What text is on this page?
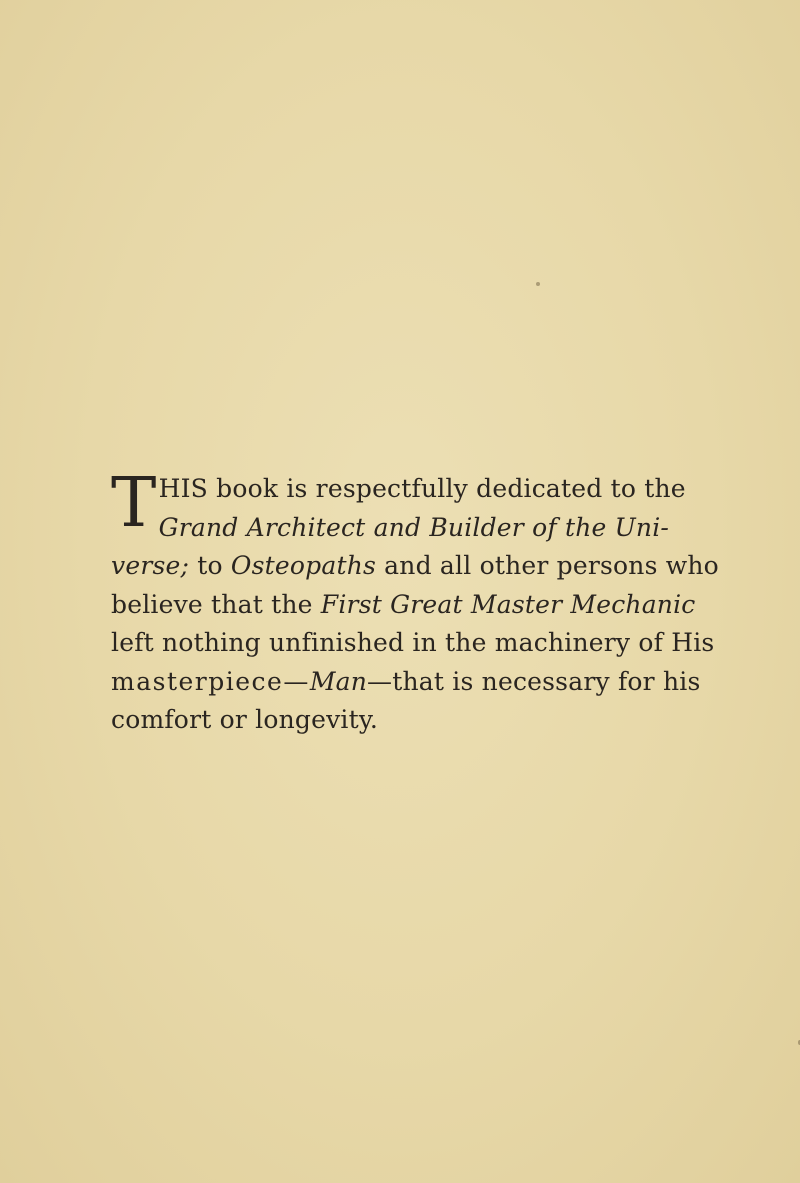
T HIS book is respectfully dedicated to the
Grand Architect and Builder of the Uni-
verse; to Osteopaths and all other persons who
believe that the First Great Master Mechanic
left nothing unfinished in the machinery of His
masterpiece—Man—that is necessary for his
comfort or longevity.
